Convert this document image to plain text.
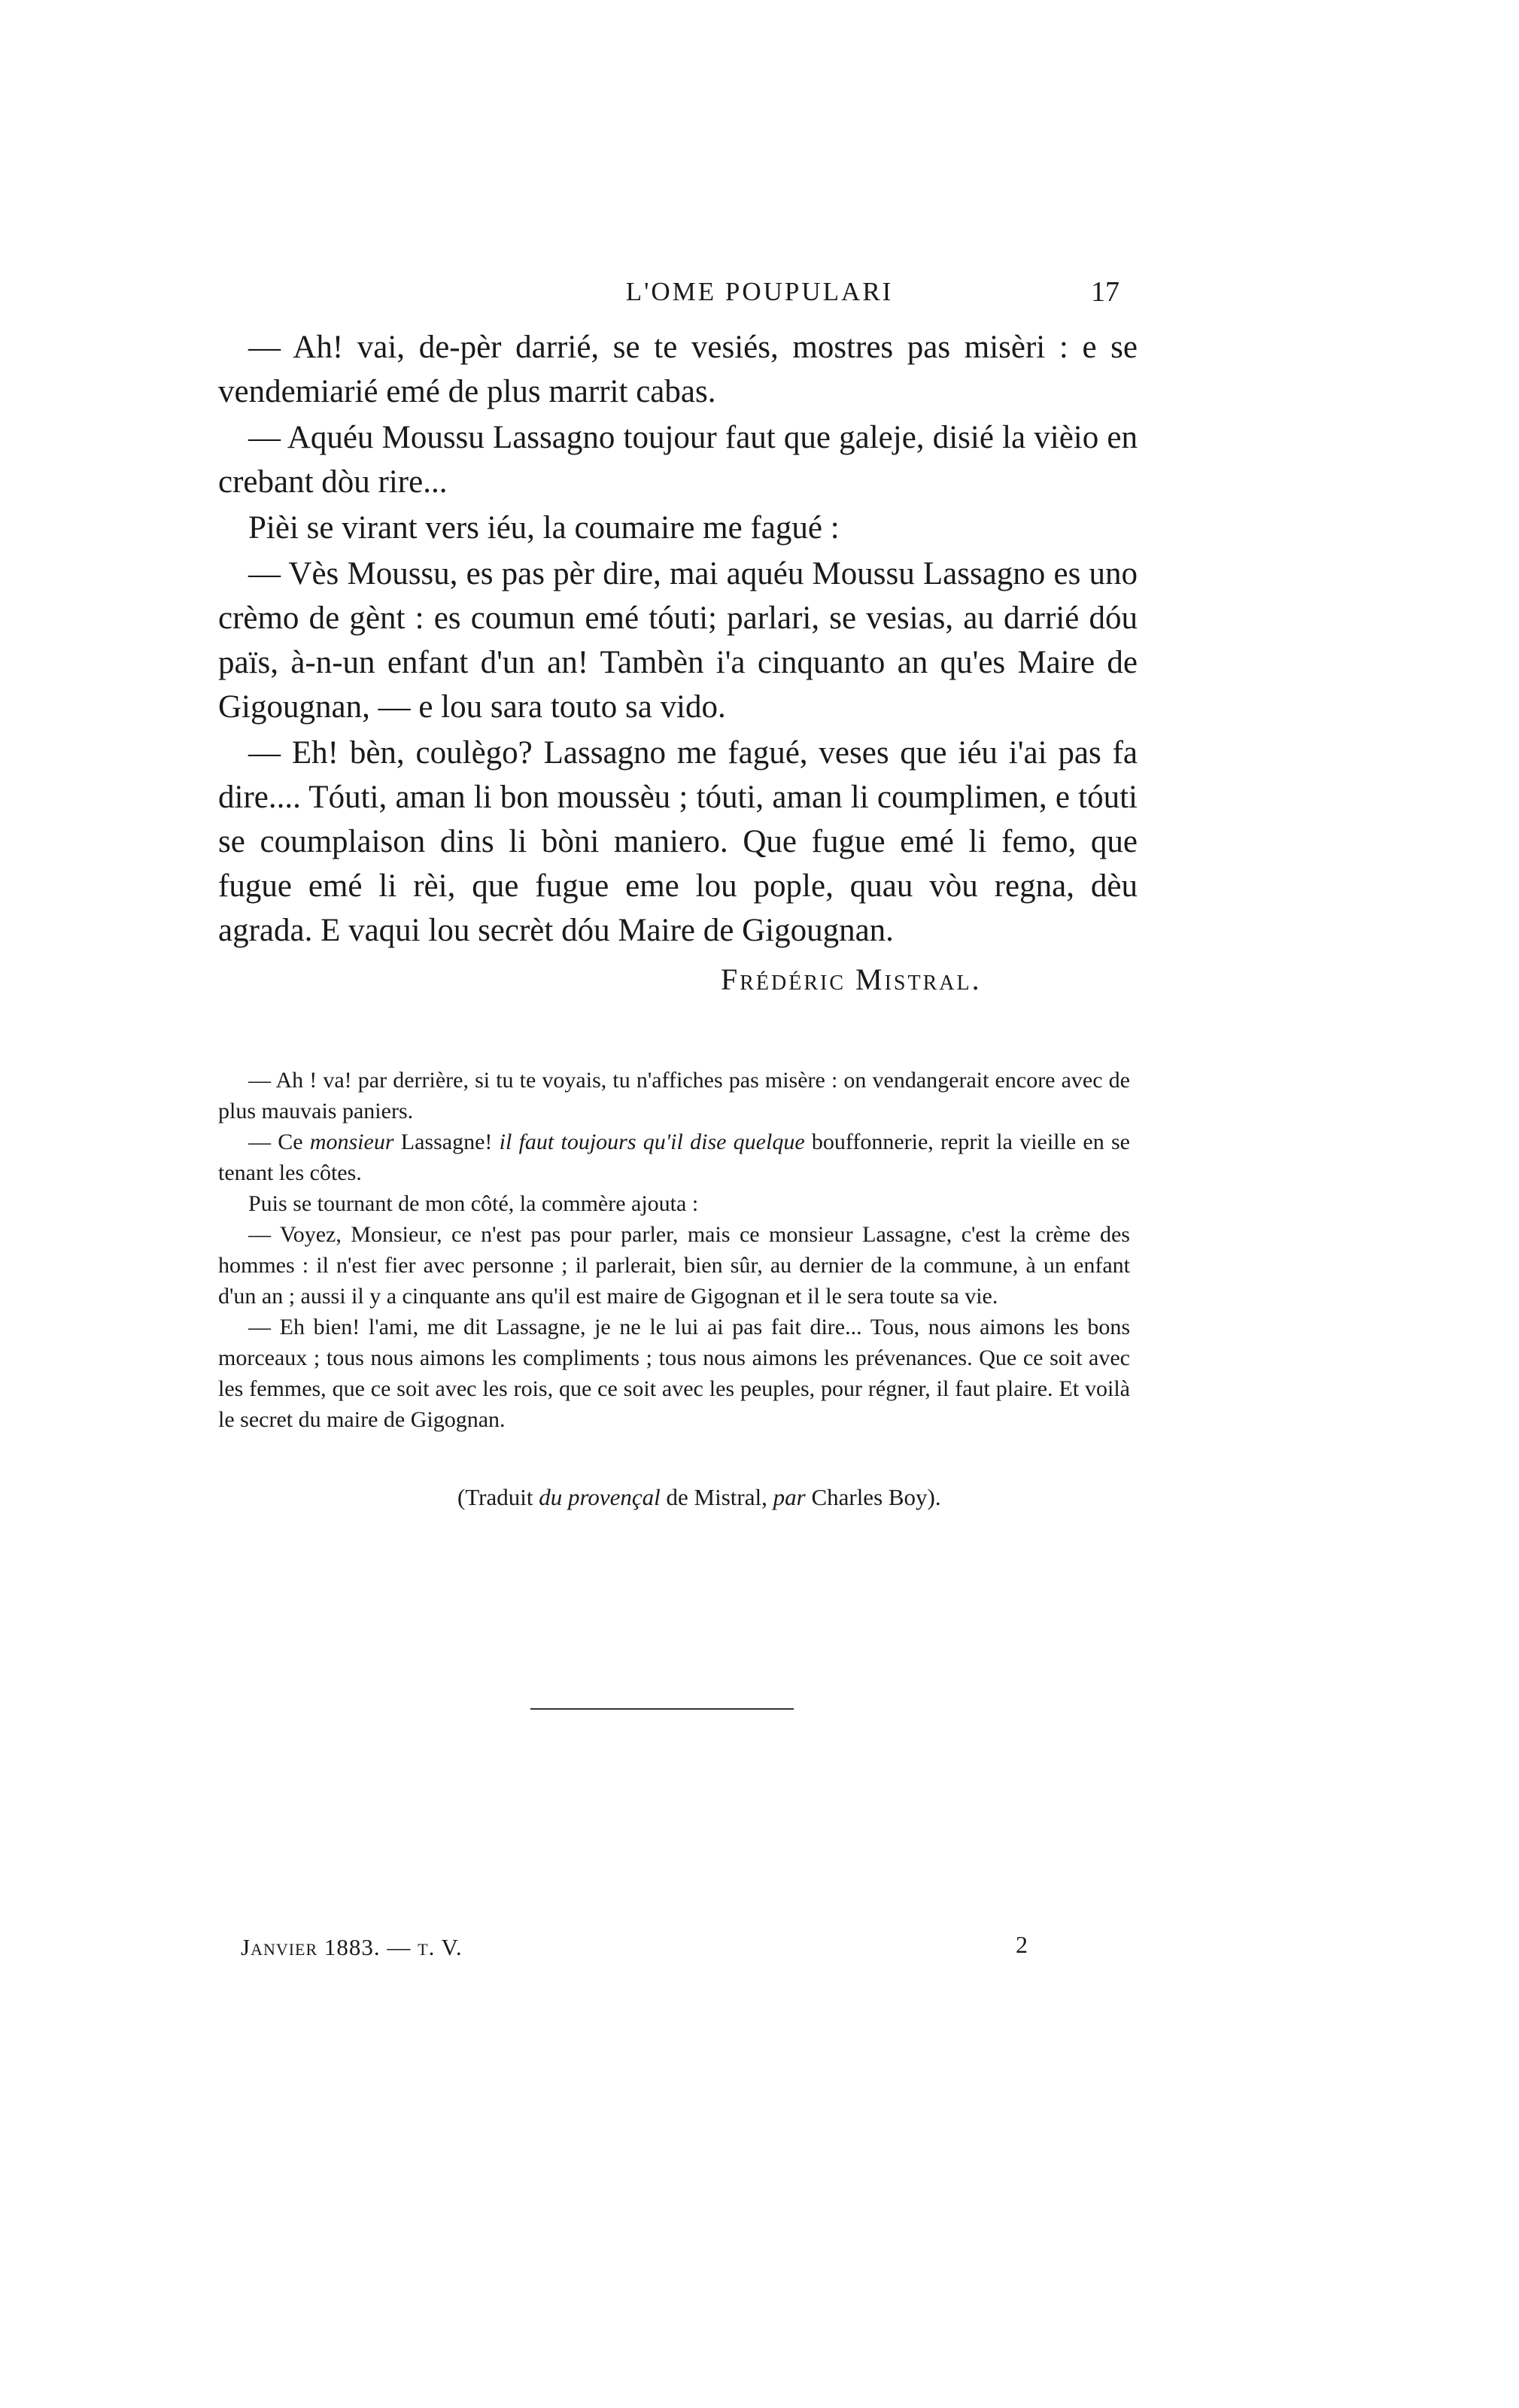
L'OME POUPULARI	17

— Ah! vai, de-pèr darrié, se te vesiés, mostres pas misèri : e se vendemiarié emé de plus marrit cabas.

— Aquéu Moussu Lassagno toujour faut que galeje, disié la vièio en crebant dòu rire...

Pièi se virant vers iéu, la coumaire me fagué :

— Vès Moussu, es pas pèr dire, mai aquéu Moussu Lassagno es uno crèmo de gènt : es coumun emé tóuti; parlari, se vesias, au darrié dóu païs, à-n-un enfant d'un an! Tambèn i'a cinquanto an qu'es Maire de Gigougnan, — e lou sara touto sa vido.

— Eh! bèn, coulègo? Lassagno me fagué, veses que iéu i'ai pas fa dire.... Tóuti, aman li bon moussèu ; tóuti, aman li coumplimen, e tóuti se coumplaison dins li bòni maniero. Que fugue emé li femo, que fugue emé li rèi, que fugue eme lou pople, quau vòu regna, dèu agrada. E vaqui lou secrèt dóu Maire de Gigougnan.

Frédéric Mistral.

— Ah ! va! par derrière, si tu te voyais, tu n'affiches pas misère : on vendangerait encore avec de plus mauvais paniers.

— Ce monsieur Lassagne! il faut toujours qu'il dise quelque bouffonnerie, reprit la vieille en se tenant les côtes.

Puis se tournant de mon côté, la commère ajouta :

— Voyez, Monsieur, ce n'est pas pour parler, mais ce monsieur Lassagne, c'est la crème des hommes : il n'est fier avec personne ; il parlerait, bien sûr, au dernier de la commune, à un enfant d'un an ; aussi il y a cinquante ans qu'il est maire de Gigognan et il le sera toute sa vie.

— Eh bien! l'ami, me dit Lassagne, je ne le lui ai pas fait dire... Tous, nous aimons les bons morceaux ; tous nous aimons les compliments ; tous nous aimons les prévenances. Que ce soit avec les femmes, que ce soit avec les rois, que ce soit avec les peuples, pour régner, il faut plaire. Et voilà le secret du maire de Gigognan.

(Traduit du provençal de Mistral, par Charles Boy).
Janvier 1883. — t. V.	2
